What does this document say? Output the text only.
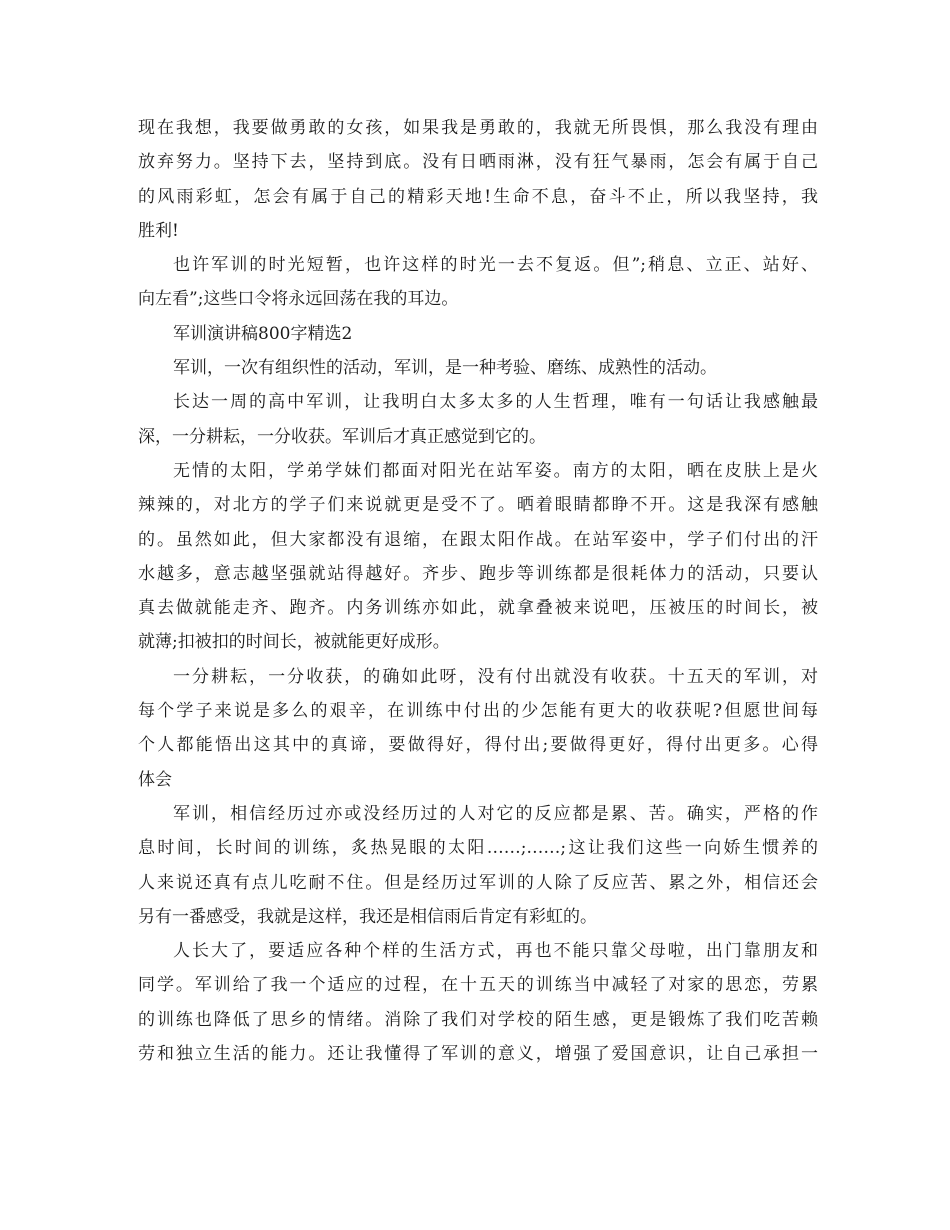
现在我想，我要做勇敢的女孩，如果我是勇敢的，我就无所畏惧，那么我没有理由
放弃努力。坚持下去，坚持到底。没有日晒雨淋，没有狂气暴雨，怎会有属于自己
的风雨彩虹，怎会有属于自己的精彩天地!生命不息，奋斗不止，所以我坚持，我
胜利!
也许军训的时光短暂，也许这样的时光一去不复返。但”;稍息、立正、站好、
向左看”;这些口令将永远回荡在我的耳边。
军训演讲稿800字精选2
军训，一次有组织性的活动，军训，是一种考验、磨练、成熟性的活动。
长达一周的高中军训，让我明白太多太多的人生哲理，唯有一句话让我感触最
深，一分耕耘，一分收获。军训后才真正感觉到它的。
无情的太阳，学弟学妹们都面对阳光在站军姿。南方的太阳，晒在皮肤上是火
辣辣的，对北方的学子们来说就更是受不了。晒着眼睛都睁不开。这是我深有感触
的。虽然如此，但大家都没有退缩，在跟太阳作战。在站军姿中，学子们付出的汗
水越多，意志越坚强就站得越好。齐步、跑步等训练都是很耗体力的活动，只要认
真去做就能走齐、跑齐。内务训练亦如此，就拿叠被来说吧，压被压的时间长，被
就薄;扣被扣的时间长，被就能更好成形。
一分耕耘，一分收获，的确如此呀，没有付出就没有收获。十五天的军训，对
每个学子来说是多么的艰辛，在训练中付出的少怎能有更大的收获呢?但愿世间每
个人都能悟出这其中的真谛，要做得好，得付出;要做得更好，得付出更多。心得
体会
军训，相信经历过亦或没经历过的人对它的反应都是累、苦。确实，严格的作
息时间，长时间的训练，炙热晃眼的太阳……;……;这让我们这些一向娇生惯养的
人来说还真有点儿吃耐不住。但是经历过军训的人除了反应苦、累之外，相信还会
另有一番感受，我就是这样，我还是相信雨后肯定有彩虹的。
人长大了，要适应各种个样的生活方式，再也不能只靠父母啦，出门靠朋友和
同学。军训给了我一个适应的过程，在十五天的训练当中减轻了对家的思恋，劳累
的训练也降低了思乡的情绪。消除了我们对学校的陌生感，更是锻炼了我们吃苦赖
劳和独立生活的能力。还让我懂得了军训的意义，增强了爱国意识，让自己承担一
